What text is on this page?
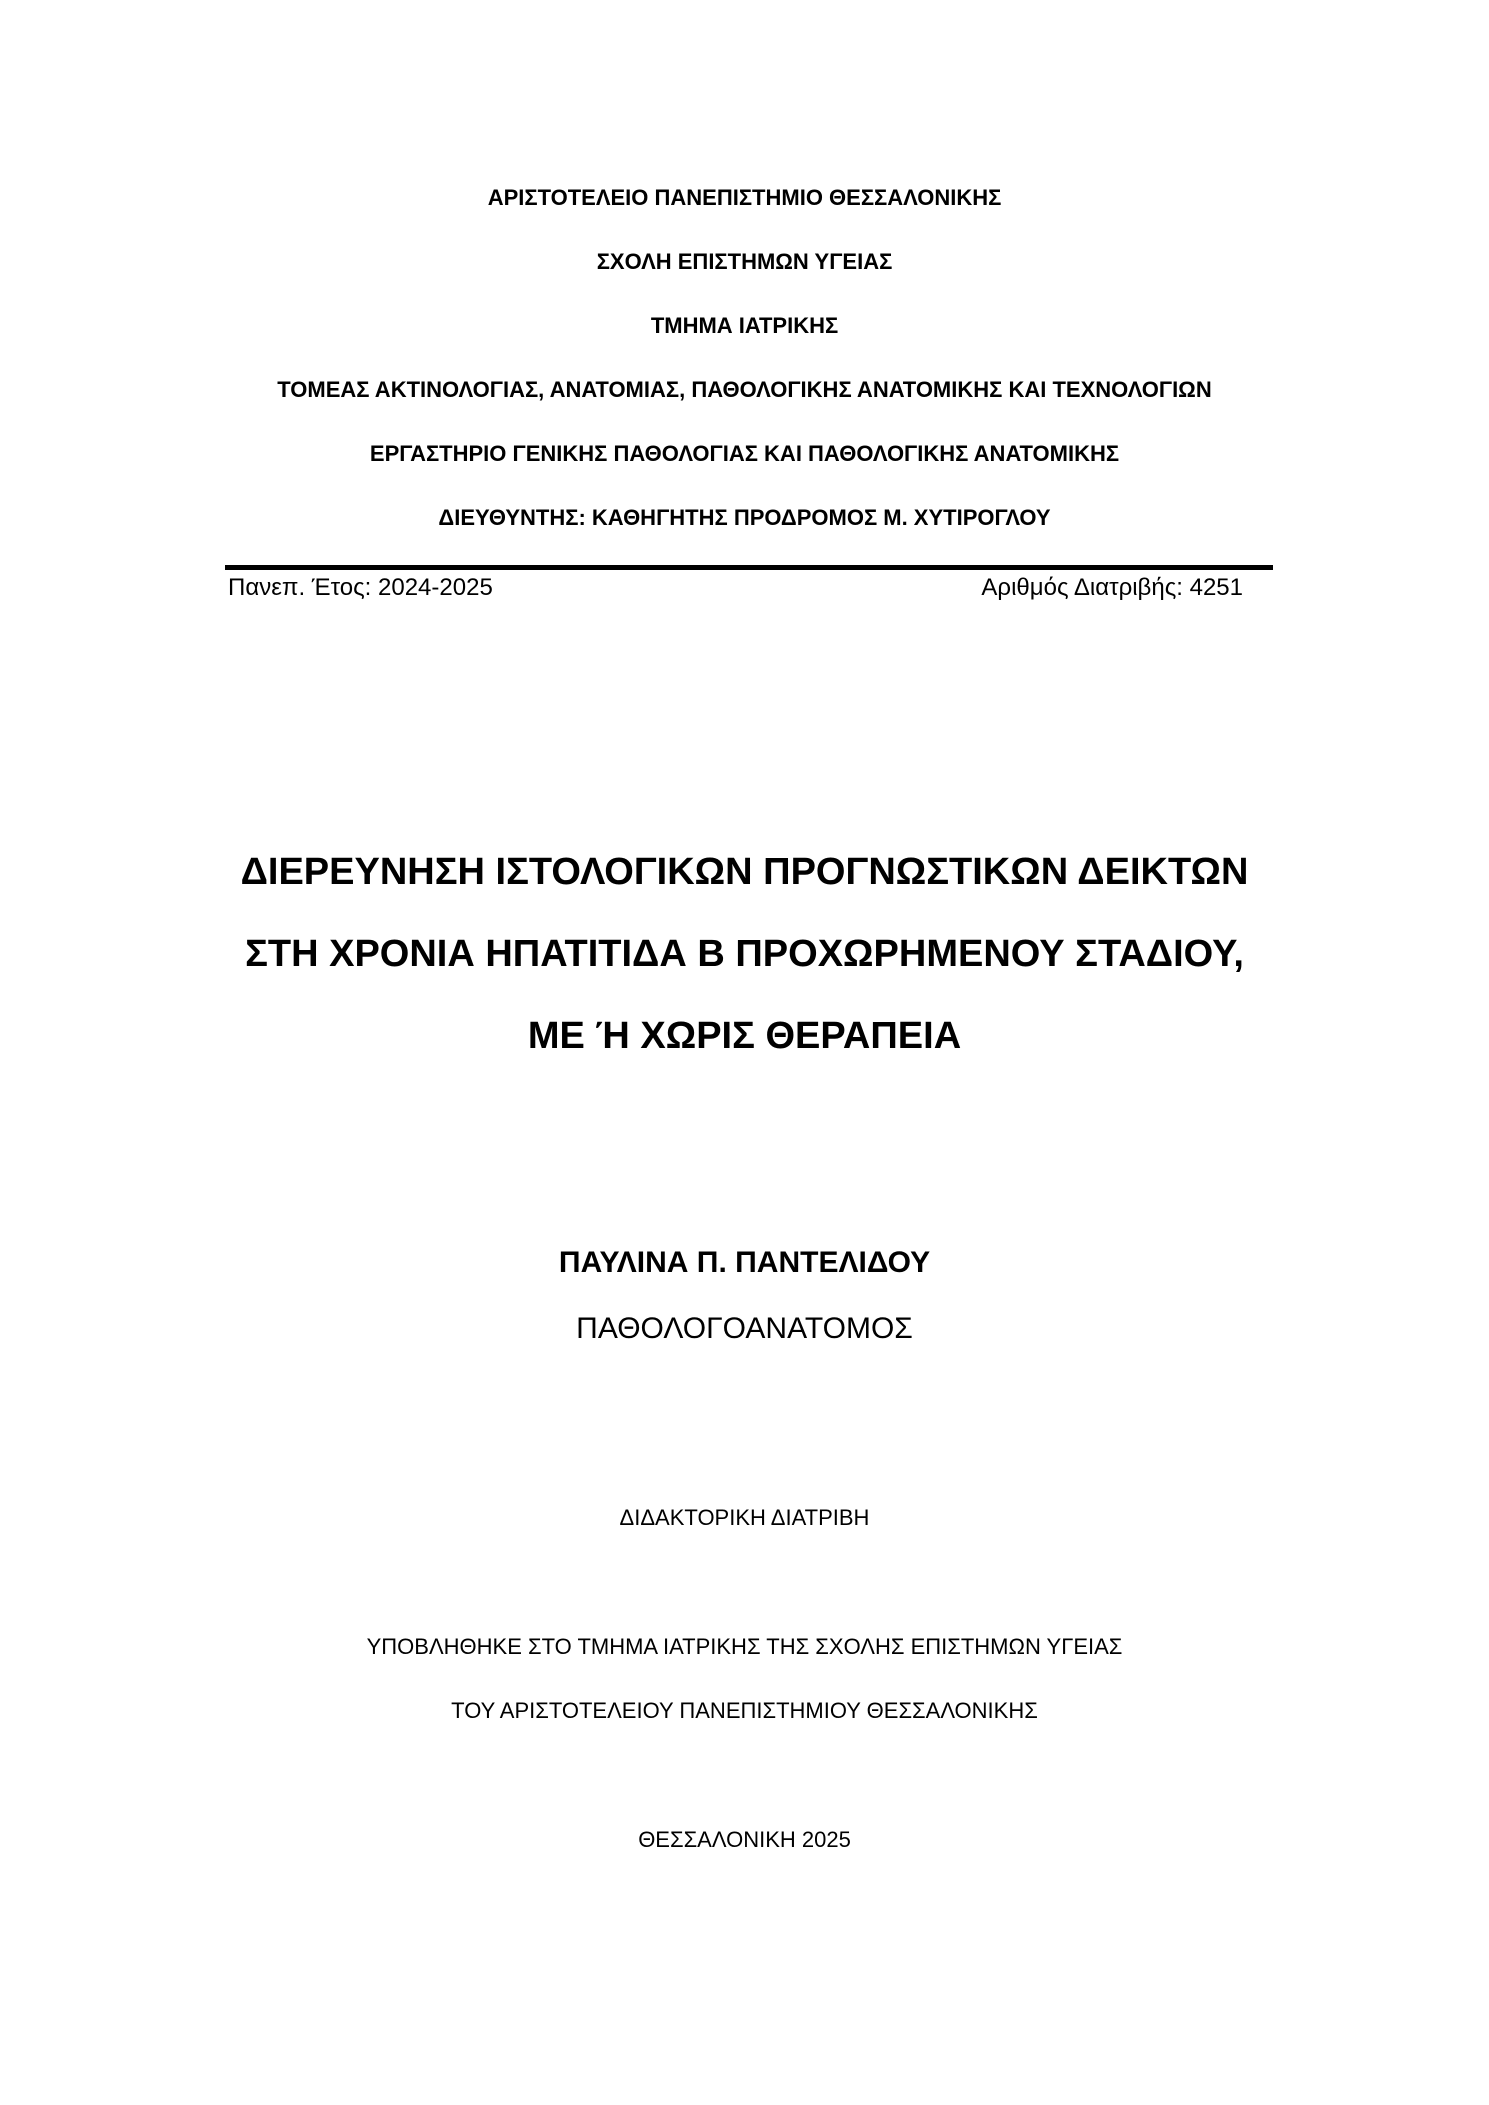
ΑΡΙΣΤΟΤΕΛΕΙΟ ΠΑΝΕΠΙΣΤΗΜΙΟ ΘΕΣΣΑΛΟΝΙΚΗΣ
ΣΧΟΛΗ ΕΠΙΣΤΗΜΩΝ ΥΓΕΙΑΣ
ΤΜΗΜΑ ΙΑΤΡΙΚΗΣ
ΤΟΜΕΑΣ ΑΚΤΙΝΟΛΟΓΙΑΣ, ΑΝΑΤΟΜΙΑΣ, ΠΑΘΟΛΟΓΙΚΗΣ ΑΝΑΤΟΜΙΚΗΣ ΚΑΙ ΤΕΧΝΟΛΟΓΙΩΝ
ΕΡΓΑΣΤΗΡΙΟ ΓΕΝΙΚΗΣ ΠΑΘΟΛΟΓΙΑΣ ΚΑΙ ΠΑΘΟΛΟΓΙΚΗΣ ΑΝΑΤΟΜΙΚΗΣ
ΔΙΕΥΘΥΝΤΗΣ: ΚΑΘΗΓΗΤΗΣ ΠΡΟΔΡΟΜΟΣ Μ. ΧΥΤΙΡΟΓΛΟΥ
Πανεπ. Έτος: 2024-2025	Αριθμός Διατριβής: 4251
ΔΙΕΡΕΥΝΗΣΗ ΙΣΤΟΛΟΓΙΚΩΝ ΠΡΟΓΝΩΣΤΙΚΩΝ ΔΕΙΚΤΩΝ
ΣΤΗ ΧΡΟΝΙΑ ΗΠΑΤΙΤΙΔΑ Β ΠΡΟΧΩΡΗΜΕΝΟΥ ΣΤΑΔΙΟΥ,
ΜΕ Ή ΧΩΡΙΣ ΘΕΡΑΠΕΙΑ
ΠΑΥΛΙΝΑ Π. ΠΑΝΤΕΛΙΔΟΥ
ΠΑΘΟΛΟΓΟΑΝΑΤΟΜΟΣ
ΔΙΔΑΚΤΟΡΙΚΗ ΔΙΑΤΡΙΒΗ
ΥΠΟΒΛΗΘΗΚΕ ΣΤΟ ΤΜΗΜΑ ΙΑΤΡΙΚΗΣ ΤΗΣ ΣΧΟΛΗΣ ΕΠΙΣΤΗΜΩΝ ΥΓΕΙΑΣ
ΤΟΥ ΑΡΙΣΤΟΤΕΛΕΙΟΥ ΠΑΝΕΠΙΣΤΗΜΙΟΥ ΘΕΣΣΑΛΟΝΙΚΗΣ
ΘΕΣΣΑΛΟΝΙΚΗ 2025
